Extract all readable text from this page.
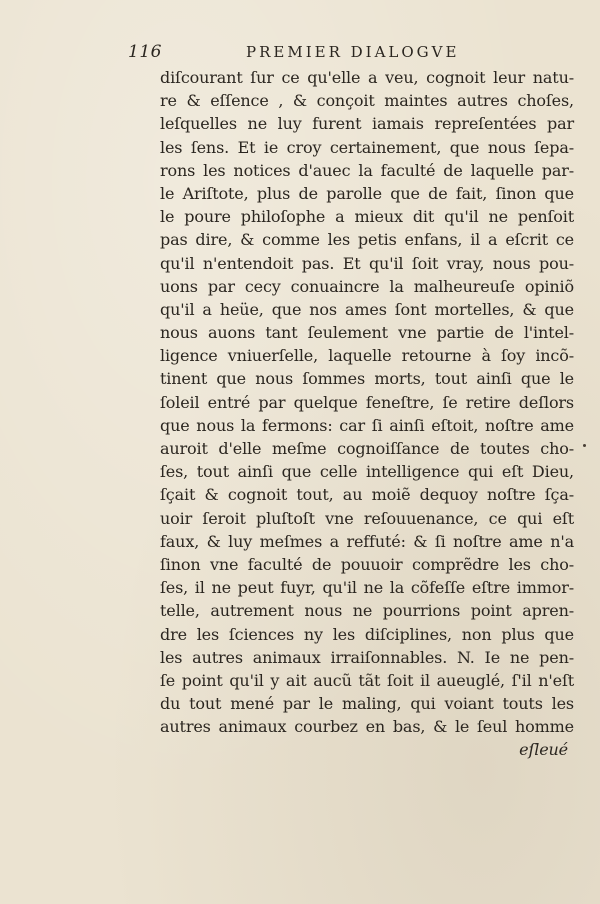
116	PREMIER DIALOGVE
diſcourant ſur ce qu'elle a veu, cognoit leur natu-
re & eſſence , & conçoit maintes autres choſes,
leſquelles ne luy furent iamais repreſentées par
les ſens. Et ie croy certainement, que nous ſepa-
rons les notices d'auec la faculté de laquelle par-
le Ariſtote, plus de parolle que de fait, ſinon que
le poure philoſophe a mieux dit qu'il ne penſoit
pas dire, & comme les petis enfans, il a eſcrit ce
qu'il n'entendoit pas. Et qu'il ſoit vray, nous pou-
uons par cecy conuaincre la malheureuſe opiniõ
qu'il a heüe, que nos ames ſont mortelles, & que
nous auons tant ſeulement vne partie de l'intel-
ligence vniuerſelle, laquelle retourne à ſoy incõ-
tinent que nous ſommes morts, tout ainſi que le
ſoleil entré par quelque feneſtre, ſe retire deſlors
que nous la fermons: car ſi ainſi eſtoit, noſtre ame
auroit d'elle meſme cognoiſſance de toutes cho-
ſes, tout ainſi que celle intelligence qui eſt Dieu,
ſçait & cognoit tout, au moiẽ dequoy noſtre ſça-
uoir ſeroit pluſtoſt vne reſouuenance, ce qui eſt
faux, & luy meſmes a reffuté: & ſi noſtre ame n'a
ſinon vne faculté de pouuoir comprẽdre les cho-
ſes, il ne peut fuyr, qu'il ne la cõfeſſe eſtre immor-
telle, autrement nous ne pourrions point apren-
dre les ſciences ny les diſciplines, non plus que
les autres animaux irraiſonnables. N. Ie ne pen-
ſe point qu'il y ait aucũ tãt ſoit il aueuglé, ſ'il n'eſt
du tout mené par le maling, qui voiant touts les
autres animaux courbez en bas, & le ſeul homme
eſleué
